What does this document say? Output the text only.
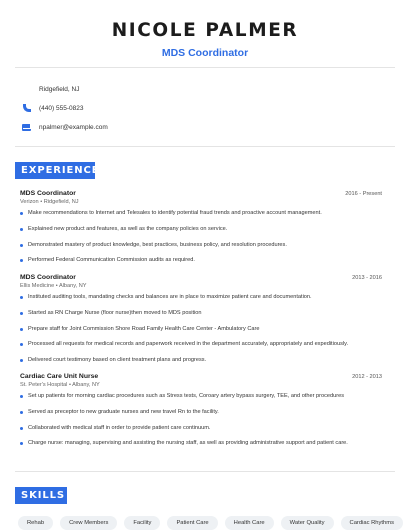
NICOLE PALMER
MDS Coordinator
Ridgefield, NJ
(440) 555-0823
npalmer@example.com
EXPERIENCE
MDS Coordinator	2016 - Present
Verizon • Ridgefield, NJ
Make recommendations to Internet and Telesales to identify potential fraud trends and proactive account management.
Explained new product and features, as well as the company policies on service.
Demonstrated mastery of product knowledge, best practices, business policy, and resolution procedures.
Performed Federal Communication Commission audits as required.
MDS Coordinator	2013 - 2016
Ellis Medicine • Albany, NY
Instituted auditing tools, mandating checks and balances are in place to maximize patient care and documentation.
Started as RN Charge Nurse (floor nurse)then moved to MDS position
Prepare staff for Joint Commission Shore Road Family Health Care Center - Ambulatory Care
Processed all requests for medical records and paperwork received in the department accurately, appropriately and expeditiously.
Delivered court testimony based on client treatment plans and progress.
Cardiac Care Unit Nurse	2012 - 2013
St. Peter's Hospital • Albany, NY
Set up patients for morning cardiac procedures such as Stress tests, Coroary artery bypass surgery, TEE, and other procedures
Served as preceptor to new graduate nurses and new travel Rn to the facility.
Collaborated with medical staff in order to provide patient care continuum.
Charge nurse: managing, supervising and assisting the nursing staff, as well as providing administrative support and patient care.
SKILLS
Rehab	Crew Members	Facility	Patient Care	Health Care	Water Quality	Cardiac Rhythms
